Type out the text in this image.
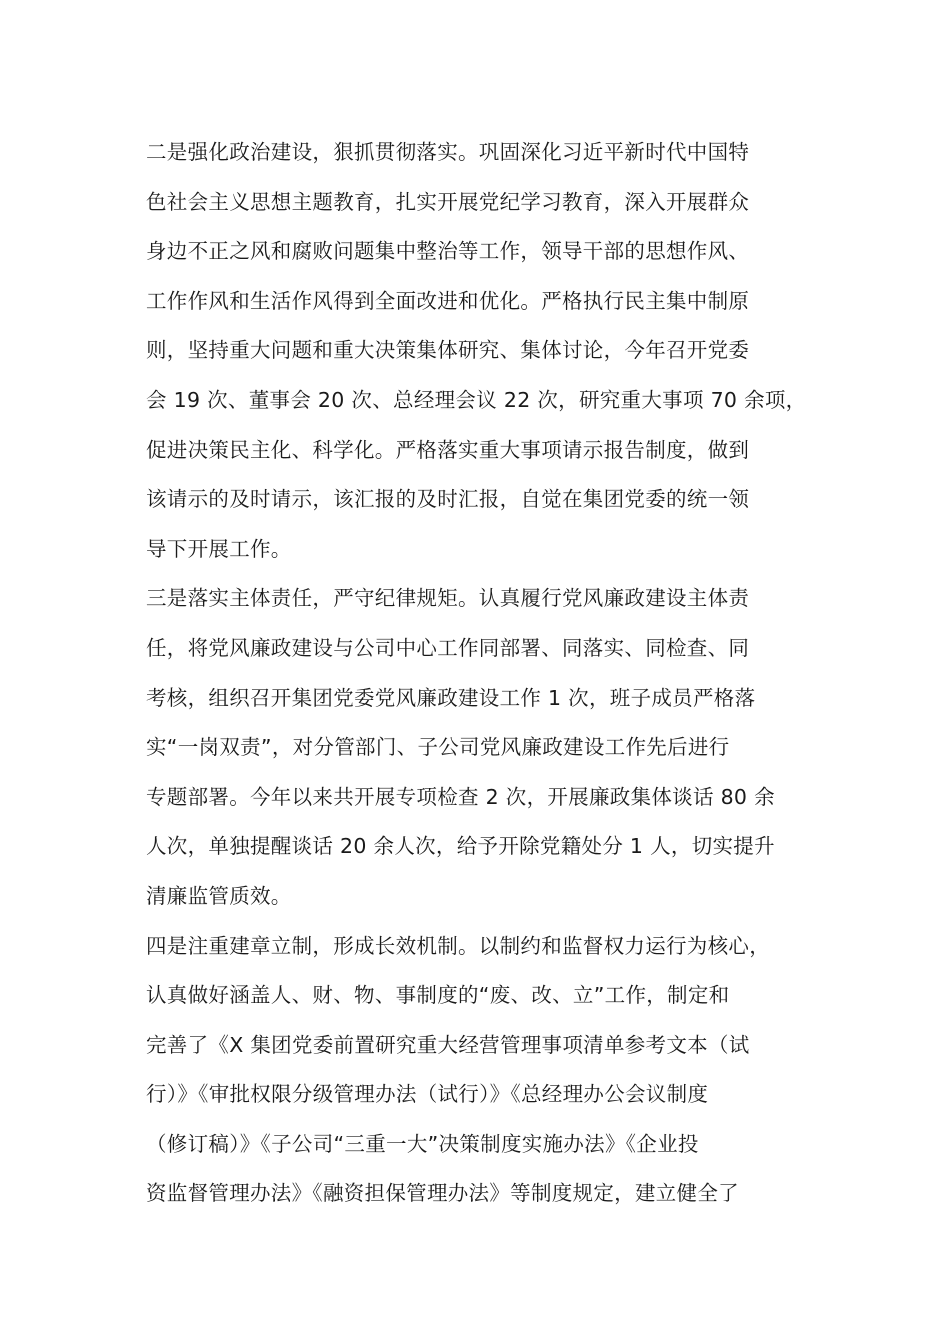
二是强化政治建设，狠抓贯彻落实。巩固深化习近平新时代中国特
色社会主义思想主题教育，扎实开展党纪学习教育，深入开展群众
身边不正之风和腐败问题集中整治等工作，领导干部的思想作风、
工作作风和生活作风得到全面改进和优化。严格执行民主集中制原
则，坚持重大问题和重大决策集体研究、集体讨论，今年召开党委
会 19 次、董事会 20 次、总经理会议 22 次，研究重大事项 70 余项，
促进决策民主化、科学化。严格落实重大事项请示报告制度，做到
该请示的及时请示，该汇报的及时汇报，自觉在集团党委的统一领
导下开展工作。
三是落实主体责任，严守纪律规矩。认真履行党风廉政建设主体责
任，将党风廉政建设与公司中心工作同部署、同落实、同检查、同
考核，组织召开集团党委党风廉政建设工作 1 次，班子成员严格落
实“一岗双责”，对分管部门、子公司党风廉政建设工作先后进行
专题部署。今年以来共开展专项检查 2 次，开展廉政集体谈话 80 余
人次，单独提醒谈话 20 余人次，给予开除党籍处分 1 人，切实提升
清廉监管质效。
四是注重建章立制，形成长效机制。以制约和监督权力运行为核心，
认真做好涵盖人、财、物、事制度的“废、改、立”工作，制定和
完善了《X 集团党委前置研究重大经营管理事项清单参考文本（试
行）》《审批权限分级管理办法（试行）》《总经理办公会议制度
（修订稿）》《子公司“三重一大”决策制度实施办法》《企业投
资监督管理办法》《融资担保管理办法》等制度规定，建立健全了
